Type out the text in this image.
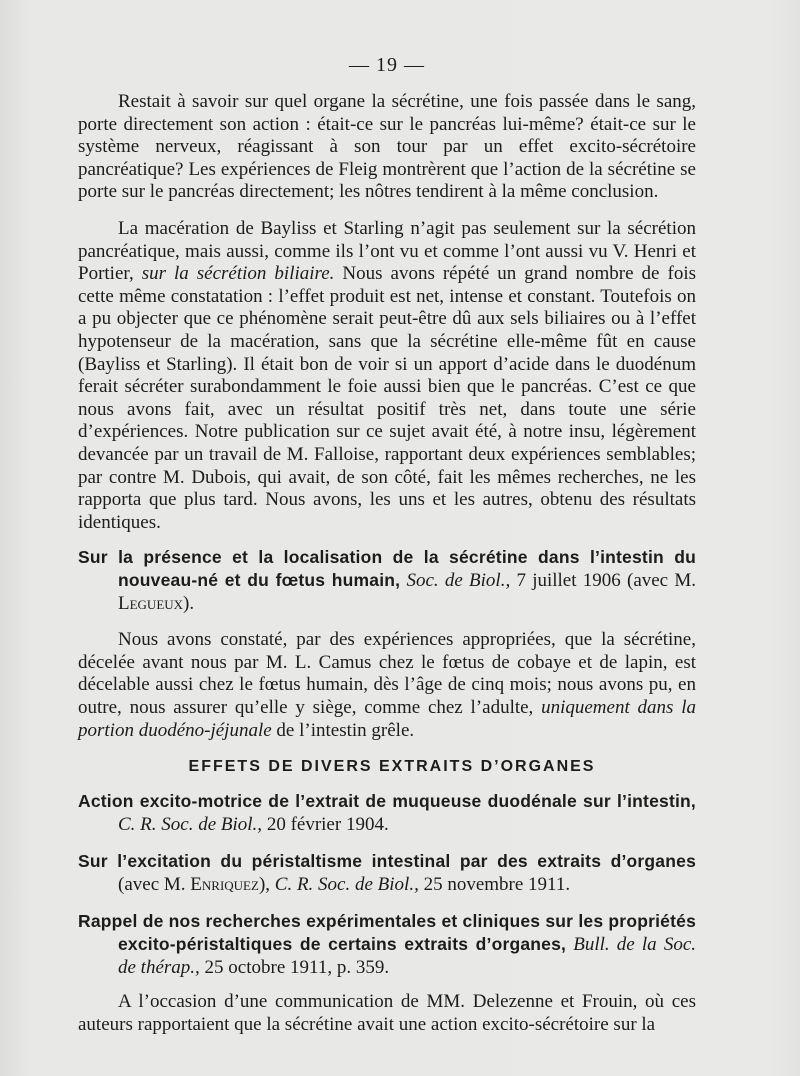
— 19 —

Restait à savoir sur quel organe la sécrétine, une fois passée dans le sang, porte directement son action : était-ce sur le pancréas lui-même? était-ce sur le système nerveux, réagissant à son tour par un effet excito-sécrétoire pancréatique? Les expériences de Fleig montrèrent que l’action de la sécrétine se porte sur le pancréas directement; les nôtres tendirent à la même conclusion.

La macération de Bayliss et Starling n’agit pas seulement sur la sécrétion pancréatique, mais aussi, comme ils l’ont vu et comme l’ont aussi vu V. Henri et Portier, sur la sécrétion biliaire. Nous avons répété un grand nombre de fois cette même constatation : l’effet produit est net, intense et constant. Toutefois on a pu objecter que ce phénomène serait peut-être dû aux sels biliaires ou à l’effet hypotenseur de la macération, sans que la sécrétine elle-même fût en cause (Bayliss et Starling). Il était bon de voir si un apport d’acide dans le duodénum ferait sécréter surabondamment le foie aussi bien que le pancréas. C’est ce que nous avons fait, avec un résultat positif très net, dans toute une série d’expériences. Notre publication sur ce sujet avait été, à notre insu, légèrement devancée par un travail de M. Falloise, rapportant deux expériences semblables; par contre M. Dubois, qui avait, de son côté, fait les mêmes recherches, ne les rapporta que plus tard. Nous avons, les uns et les autres, obtenu des résultats identiques.

Sur la présence et la localisation de la sécrétine dans l’intestin du nouveau-né et du fœtus humain, Soc. de Biol., 7 juillet 1906 (avec M. Legueux).

Nous avons constaté, par des expériences appropriées, que la sécrétine, décelée avant nous par M. L. Camus chez le fœtus de cobaye et de lapin, est décelable aussi chez le fœtus humain, dès l’âge de cinq mois; nous avons pu, en outre, nous assurer qu’elle y siège, comme chez l’adulte, uniquement dans la portion duodéno-jéjunale de l’intestin grêle.

EFFETS DE DIVERS EXTRAITS D’ORGANES
Action excito-motrice de l’extrait de muqueuse duodénale sur l’intestin, C. R. Soc. de Biol., 20 février 1904.
Sur l’excitation du péristaltisme intestinal par des extraits d’organes (avec M. Enriquez), C. R. Soc. de Biol., 25 novembre 1911.
Rappel de nos recherches expérimentales et cliniques sur les propriétés excito-péristaltiques de certains extraits d’organes, Bull. de la Soc. de thérap., 25 octobre 1911, p. 359.

A l’occasion d’une communication de MM. Delezenne et Frouin, où ces auteurs rapportaient que la sécrétine avait une action excito-sécrétoire sur la
